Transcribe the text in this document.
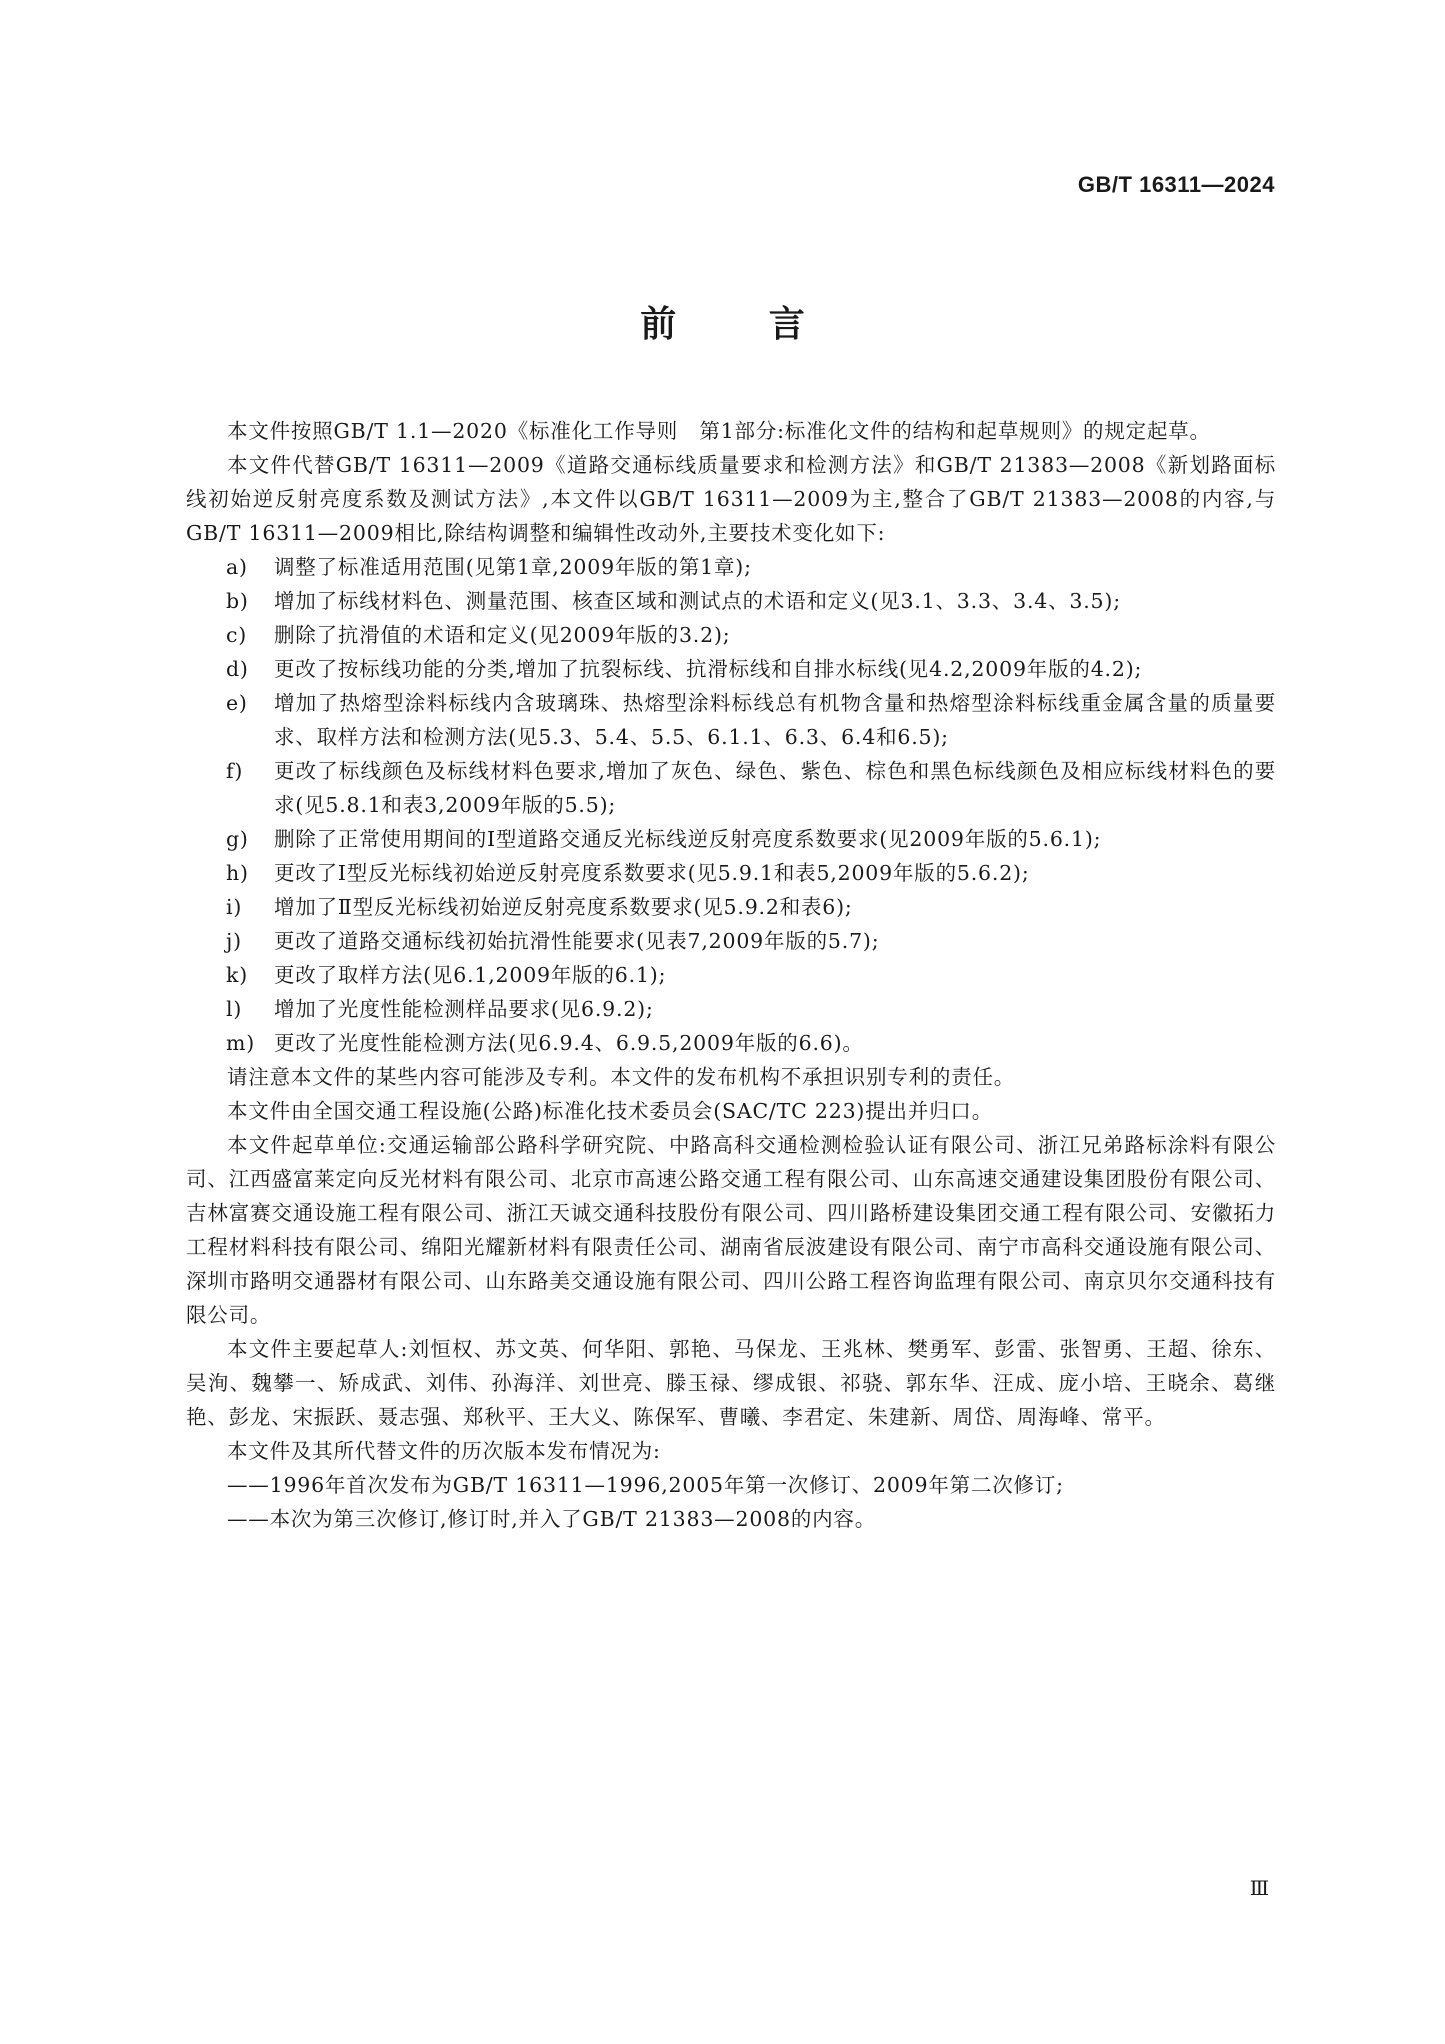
GB/T 16311—2024
前 言

本文件按照GB/T 1.1—2020《标准化工作导则　第1部分:标准化文件的结构和起草规则》的规定起草。

本文件代替GB/T 16311—2009《道路交通标线质量要求和检测方法》和GB/T 21383—2008《新划路面标线初始逆反射亮度系数及测试方法》,本文件以GB/T 16311—2009为主,整合了GB/T 21383—2008的内容,与GB/T 16311—2009相比,除结构调整和编辑性改动外,主要技术变化如下:

a)	调整了标准适用范围(见第1章,2009年版的第1章);
b)	增加了标线材料色、测量范围、核查区域和测试点的术语和定义(见3.1、3.3、3.4、3.5);
c)	删除了抗滑值的术语和定义(见2009年版的3.2);
d)	更改了按标线功能的分类,增加了抗裂标线、抗滑标线和自排水标线(见4.2,2009年版的4.2);
e)	增加了热熔型涂料标线内含玻璃珠、热熔型涂料标线总有机物含量和热熔型涂料标线重金属含量的质量要求、取样方法和检测方法(见5.3、5.4、5.5、6.1.1、6.3、6.4和6.5);
f)	更改了标线颜色及标线材料色要求,增加了灰色、绿色、紫色、棕色和黑色标线颜色及相应标线材料色的要求(见5.8.1和表3,2009年版的5.5);
g)	删除了正常使用期间的Ⅰ型道路交通反光标线逆反射亮度系数要求(见2009年版的5.6.1);
h)	更改了Ⅰ型反光标线初始逆反射亮度系数要求(见5.9.1和表5,2009年版的5.6.2);
i)	增加了Ⅱ型反光标线初始逆反射亮度系数要求(见5.9.2和表6);
j)	更改了道路交通标线初始抗滑性能要求(见表7,2009年版的5.7);
k)	更改了取样方法(见6.1,2009年版的6.1);
l)	增加了光度性能检测样品要求(见6.9.2);
m) 更改了光度性能检测方法(见6.9.4、6.9.5,2009年版的6.6)。

请注意本文件的某些内容可能涉及专利。本文件的发布机构不承担识别专利的责任。

本文件由全国交通工程设施(公路)标准化技术委员会(SAC/TC 223)提出并归口。

本文件起草单位:交通运输部公路科学研究院、中路高科交通检测检验认证有限公司、浙江兄弟路标涂料有限公司、江西盛富莱定向反光材料有限公司、北京市高速公路交通工程有限公司、山东高速交通建设集团股份有限公司、吉林富赛交通设施工程有限公司、浙江天诚交通科技股份有限公司、四川路桥建设集团交通工程有限公司、安徽拓力工程材料科技有限公司、绵阳光耀新材料有限责任公司、湖南省辰波建设有限公司、南宁市高科交通设施有限公司、深圳市路明交通器材有限公司、山东路美交通设施有限公司、四川公路工程咨询监理有限公司、南京贝尔交通科技有限公司。

本文件主要起草人:刘恒权、苏文英、何华阳、郭艳、马保龙、王兆林、樊勇军、彭雷、张智勇、王超、徐东、吴洵、魏攀一、矫成武、刘伟、孙海洋、刘世亮、滕玉禄、缪成银、祁骁、郭东华、汪成、庞小培、王晓余、葛继艳、彭龙、宋振跃、聂志强、郑秋平、王大义、陈保军、曹曦、李君定、朱建新、周岱、周海峰、常平。

本文件及其所代替文件的历次版本发布情况为:

——1996年首次发布为GB/T 16311—1996,2005年第一次修订、2009年第二次修订;

——本次为第三次修订,修订时,并入了GB/T 21383—2008的内容。

Ⅲ
